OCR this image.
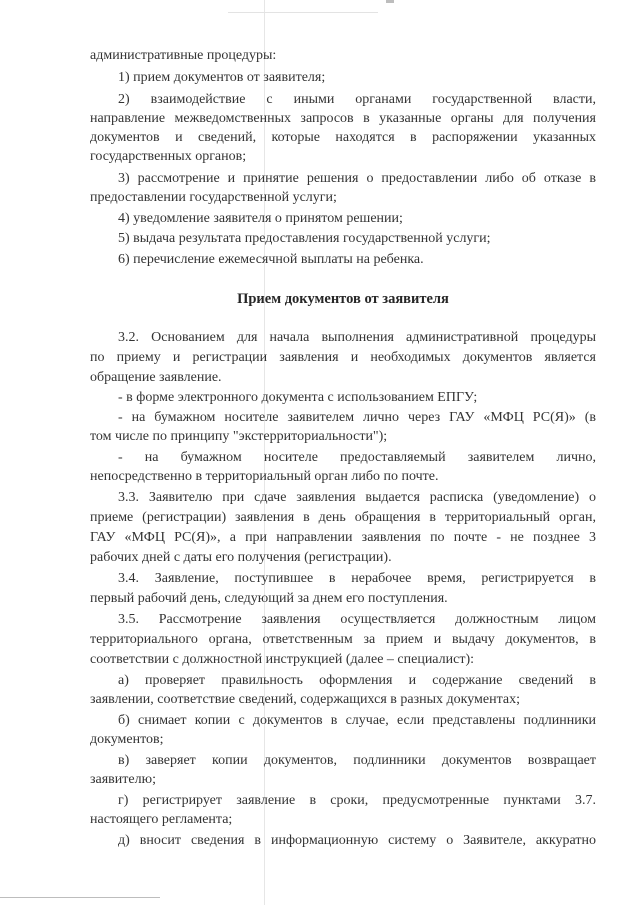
административные процедуры:
1) прием документов от заявителя;
2) взаимодействие с иными органами государственной власти,
направление межведомственных запросов в указанные органы для получения
документов и сведений, которые находятся в распоряжении указанных
государственных органов;
3) рассмотрение и принятие решения о предоставлении либо об отказе в
предоставлении государственной услуги;
4) уведомление заявителя о принятом решении;
5) выдача результата предоставления государственной услуги;
6) перечисление ежемесячной выплаты на ребенка.
Прием документов от заявителя
3.2. Основанием для начала выполнения административной процедуры
по приему и регистрации заявления и необходимых документов является
обращение заявление.
- в форме электронного документа с использованием ЕПГУ;
- на бумажном носителе заявителем лично через ГАУ «МФЦ РС(Я)» (в
том числе по принципу "экстерриториальности");
- на бумажном носителе предоставляемый заявителем лично,
непосредственно в территориальный орган либо по почте.
3.3. Заявителю при сдаче заявления выдается расписка (уведомление) о
приеме (регистрации) заявления в день обращения в территориальный орган,
ГАУ «МФЦ РС(Я)», а при направлении заявления по почте - не позднее 3
рабочих дней с даты его получения (регистрации).
3.4. Заявление, поступившее в нерабочее время, регистрируется в
первый рабочий день, следующий за днем его поступления.
3.5. Рассмотрение заявления осуществляется должностным лицом
территориального органа, ответственным за прием и выдачу документов, в
соответствии с должностной инструкцией (далее – специалист):
а) проверяет правильность оформления и содержание сведений в
заявлении, соответствие сведений, содержащихся в разных документах;
б) снимает копии с документов в случае, если представлены подлинники
документов;
в) заверяет копии документов, подлинники документов возвращает
заявителю;
г) регистрирует заявление в сроки, предусмотренные пунктами 3.7.
настоящего регламента;
д) вносит сведения в информационную систему о Заявителе, аккуратно
